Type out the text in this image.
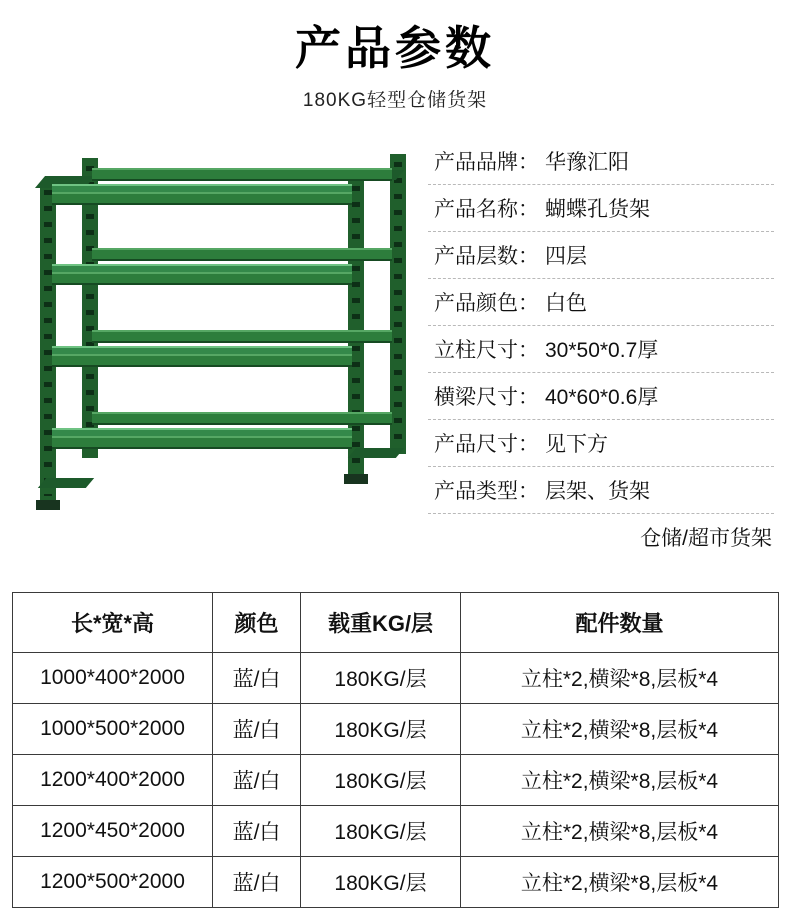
产品参数
180KG轻型仓储货架
产品品牌： 华豫汇阳
产品名称： 蝴蝶孔货架
产品层数： 四层
产品颜色： 白色
立柱尺寸： 30*50*0.7厚
横梁尺寸： 40*60*0.6厚
产品尺寸： 见下方
产品类型： 层架、货架
仓储/超市货架
长*宽*高	颜色	载重KG/层	配件数量
1000*400*2000	蓝/白	180KG/层	立柱*2,横梁*8,层板*4
1000*500*2000	蓝/白	180KG/层	立柱*2,横梁*8,层板*4
1200*400*2000	蓝/白	180KG/层	立柱*2,横梁*8,层板*4
1200*450*2000	蓝/白	180KG/层	立柱*2,横梁*8,层板*4
1200*500*2000	蓝/白	180KG/层	立柱*2,横梁*8,层板*4
